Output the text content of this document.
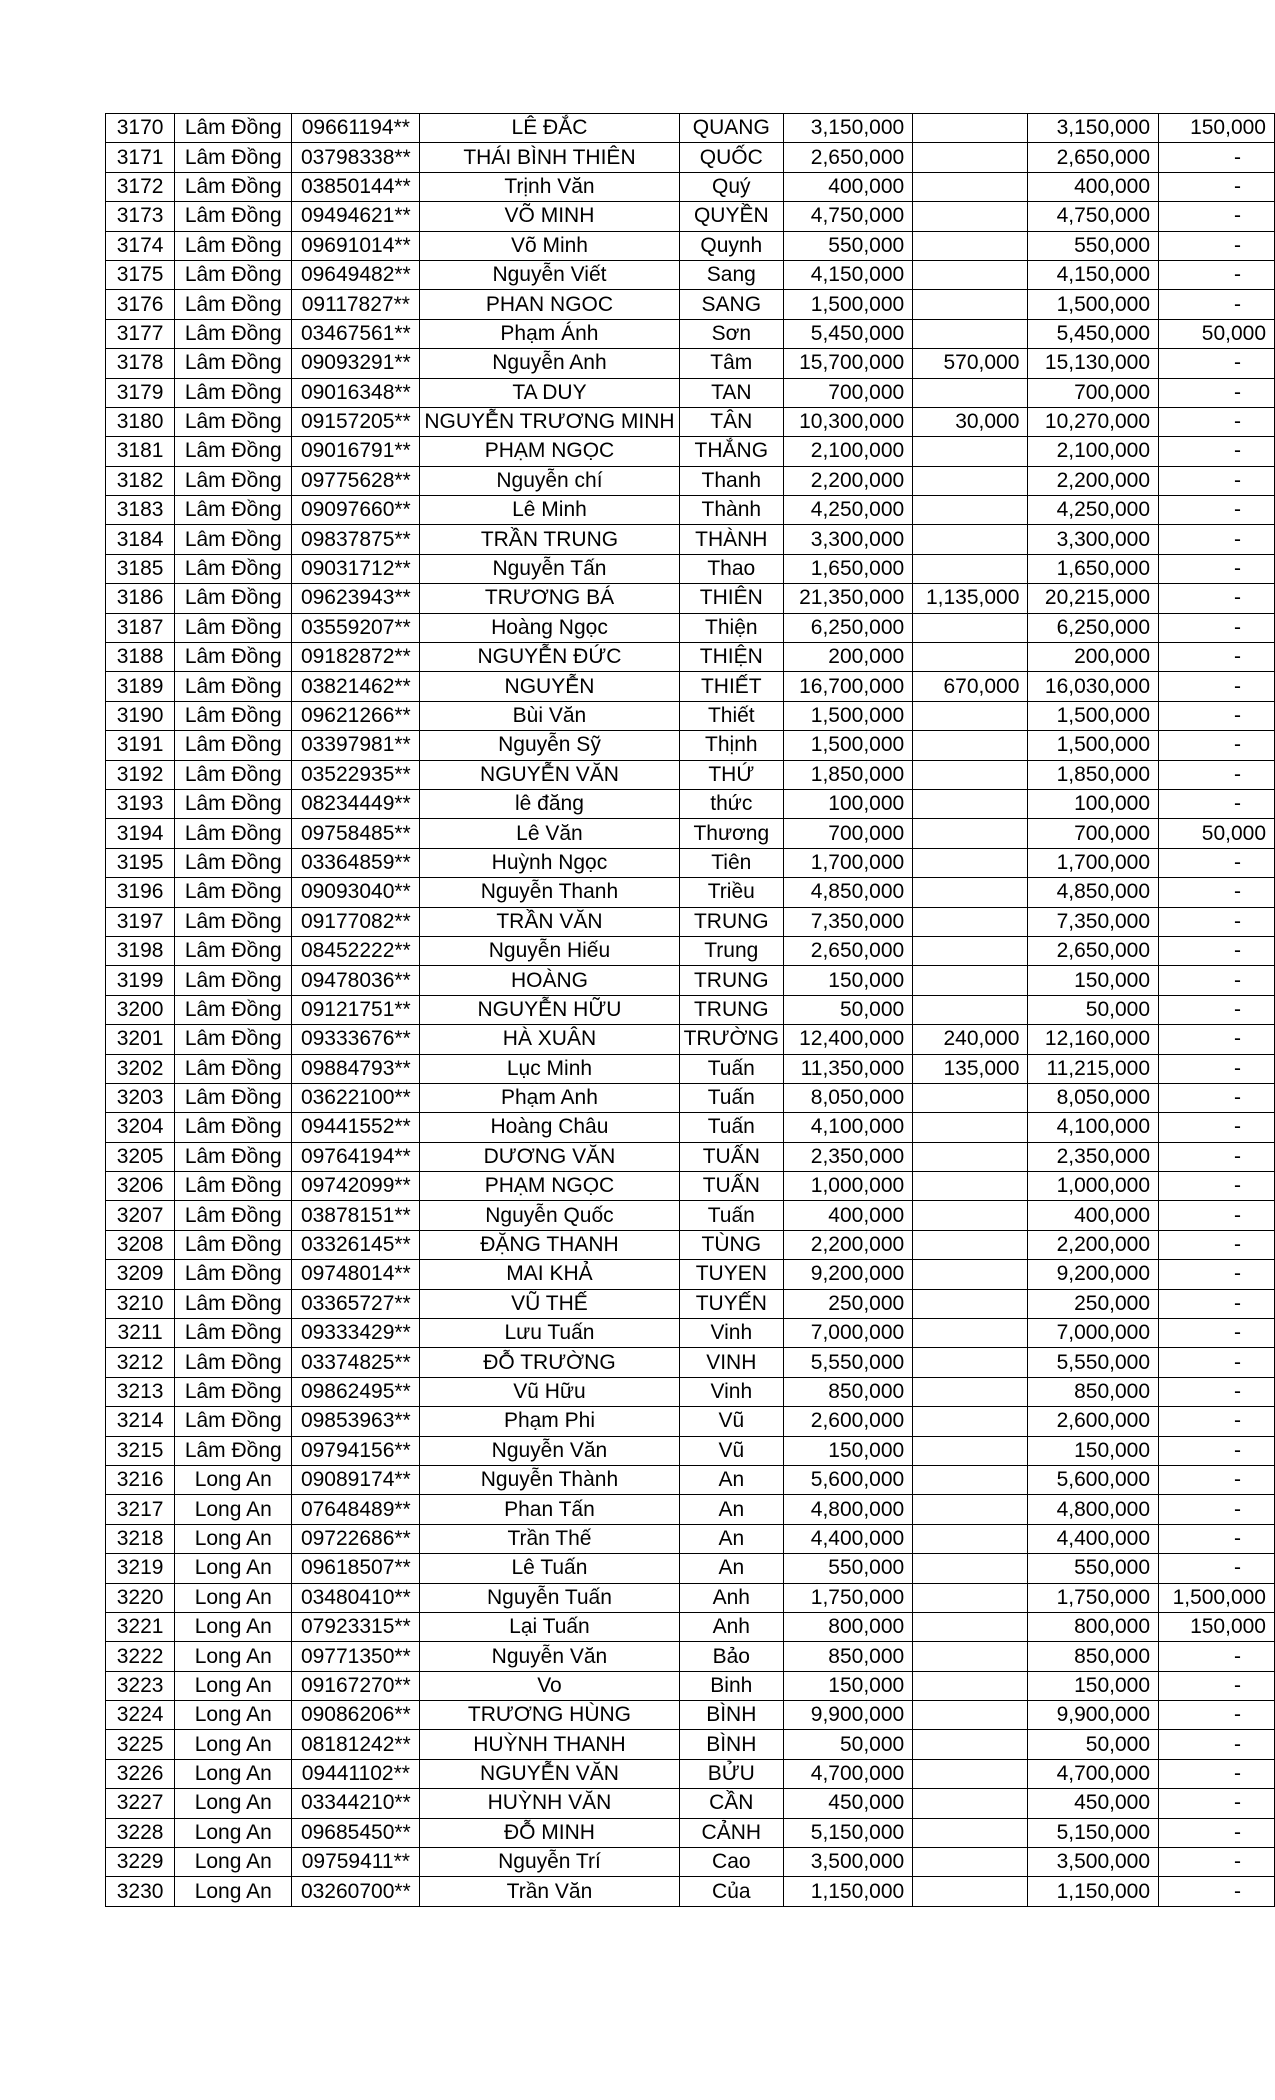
3170	Lâm Đồng	09661194**	LÊ ĐẮC	QUANG	3,150,000		3,150,000	150,000
3171	Lâm Đồng	03798338**	THÁI BÌNH THIÊN	QUỐC	2,650,000		2,650,000	-
3172	Lâm Đồng	03850144**	Trịnh Văn	Quý	400,000		400,000	-
3173	Lâm Đồng	09494621**	VÕ MINH	QUYỀN	4,750,000		4,750,000	-
3174	Lâm Đồng	09691014**	Võ Minh	Quynh	550,000		550,000	-
3175	Lâm Đồng	09649482**	Nguyễn Viết	Sang	4,150,000		4,150,000	-
3176	Lâm Đồng	09117827**	PHAN NGOC	SANG	1,500,000		1,500,000	-
3177	Lâm Đồng	03467561**	Phạm Ánh	Sơn	5,450,000		5,450,000	50,000
3178	Lâm Đồng	09093291**	Nguyễn Anh	Tâm	15,700,000	570,000	15,130,000	-
3179	Lâm Đồng	09016348**	TA DUY	TAN	700,000		700,000	-
3180	Lâm Đồng	09157205**	NGUYỄN TRƯƠNG MINH	TÂN	10,300,000	30,000	10,270,000	-
3181	Lâm Đồng	09016791**	PHẠM NGỌC	THẮNG	2,100,000		2,100,000	-
3182	Lâm Đồng	09775628**	Nguyễn chí	Thanh	2,200,000		2,200,000	-
3183	Lâm Đồng	09097660**	Lê Minh	Thành	4,250,000		4,250,000	-
3184	Lâm Đồng	09837875**	TRẦN TRUNG	THÀNH	3,300,000		3,300,000	-
3185	Lâm Đồng	09031712**	Nguyễn Tấn	Thao	1,650,000		1,650,000	-
3186	Lâm Đồng	09623943**	TRƯƠNG BÁ	THIÊN	21,350,000	1,135,000	20,215,000	-
3187	Lâm Đồng	03559207**	Hoàng Ngọc	Thiện	6,250,000		6,250,000	-
3188	Lâm Đồng	09182872**	NGUYỄN ĐỨC	THIỆN	200,000		200,000	-
3189	Lâm Đồng	03821462**	NGUYỄN	THIẾT	16,700,000	670,000	16,030,000	-
3190	Lâm Đồng	09621266**	Bùi Văn	Thiết	1,500,000		1,500,000	-
3191	Lâm Đồng	03397981**	Nguyễn Sỹ	Thịnh	1,500,000		1,500,000	-
3192	Lâm Đồng	03522935**	NGUYỄN VĂN	THỨ	1,850,000		1,850,000	-
3193	Lâm Đồng	08234449**	lê đăng	thức	100,000		100,000	-
3194	Lâm Đồng	09758485**	Lê Văn	Thương	700,000		700,000	50,000
3195	Lâm Đồng	03364859**	Huỳnh Ngọc	Tiên	1,700,000		1,700,000	-
3196	Lâm Đồng	09093040**	Nguyễn Thanh	Triều	4,850,000		4,850,000	-
3197	Lâm Đồng	09177082**	TRẦN VĂN	TRUNG	7,350,000		7,350,000	-
3198	Lâm Đồng	08452222**	Nguyễn Hiếu	Trung	2,650,000		2,650,000	-
3199	Lâm Đồng	09478036**	HOÀNG	TRUNG	150,000		150,000	-
3200	Lâm Đồng	09121751**	NGUYỄN HỮU	TRUNG	50,000		50,000	-
3201	Lâm Đồng	09333676**	HÀ XUÂN	TRƯỜNG	12,400,000	240,000	12,160,000	-
3202	Lâm Đồng	09884793**	Lục Minh	Tuấn	11,350,000	135,000	11,215,000	-
3203	Lâm Đồng	03622100**	Phạm Anh	Tuấn	8,050,000		8,050,000	-
3204	Lâm Đồng	09441552**	Hoàng Châu	Tuấn	4,100,000		4,100,000	-
3205	Lâm Đồng	09764194**	DƯƠNG VĂN	TUẤN	2,350,000		2,350,000	-
3206	Lâm Đồng	09742099**	PHẠM NGỌC	TUẤN	1,000,000		1,000,000	-
3207	Lâm Đồng	03878151**	Nguyễn Quốc	Tuấn	400,000		400,000	-
3208	Lâm Đồng	03326145**	ĐẶNG THANH	TÙNG	2,200,000		2,200,000	-
3209	Lâm Đồng	09748014**	MAI KHẢ	TUYEN	9,200,000		9,200,000	-
3210	Lâm Đồng	03365727**	VŨ THẾ	TUYẾN	250,000		250,000	-
3211	Lâm Đồng	09333429**	Lưu Tuấn	Vinh	7,000,000		7,000,000	-
3212	Lâm Đồng	03374825**	ĐỖ TRƯỜNG	VINH	5,550,000		5,550,000	-
3213	Lâm Đồng	09862495**	Vũ Hữu	Vinh	850,000		850,000	-
3214	Lâm Đồng	09853963**	Phạm Phi	Vũ	2,600,000		2,600,000	-
3215	Lâm Đồng	09794156**	Nguyễn Văn	Vũ	150,000		150,000	-
3216	Long An	09089174**	Nguyễn Thành	An	5,600,000		5,600,000	-
3217	Long An	07648489**	Phan Tấn	An	4,800,000		4,800,000	-
3218	Long An	09722686**	Trần Thế	An	4,400,000		4,400,000	-
3219	Long An	09618507**	Lê Tuấn	An	550,000		550,000	-
3220	Long An	03480410**	Nguyễn Tuấn	Anh	1,750,000		1,750,000	1,500,000
3221	Long An	07923315**	Lại Tuấn	Anh	800,000		800,000	150,000
3222	Long An	09771350**	Nguyễn Văn	Bảo	850,000		850,000	-
3223	Long An	09167270**	Vo	Binh	150,000		150,000	-
3224	Long An	09086206**	TRƯƠNG HÙNG	BÌNH	9,900,000		9,900,000	-
3225	Long An	08181242**	HUỲNH THANH	BÌNH	50,000		50,000	-
3226	Long An	09441102**	NGUYỄN VĂN	BỬU	4,700,000		4,700,000	-
3227	Long An	03344210**	HUỲNH VĂN	CẦN	450,000		450,000	-
3228	Long An	09685450**	ĐỖ MINH	CẢNH	5,150,000		5,150,000	-
3229	Long An	09759411**	Nguyễn Trí	Cao	3,500,000		3,500,000	-
3230	Long An	03260700**	Trần Văn	Của	1,150,000		1,150,000	-
